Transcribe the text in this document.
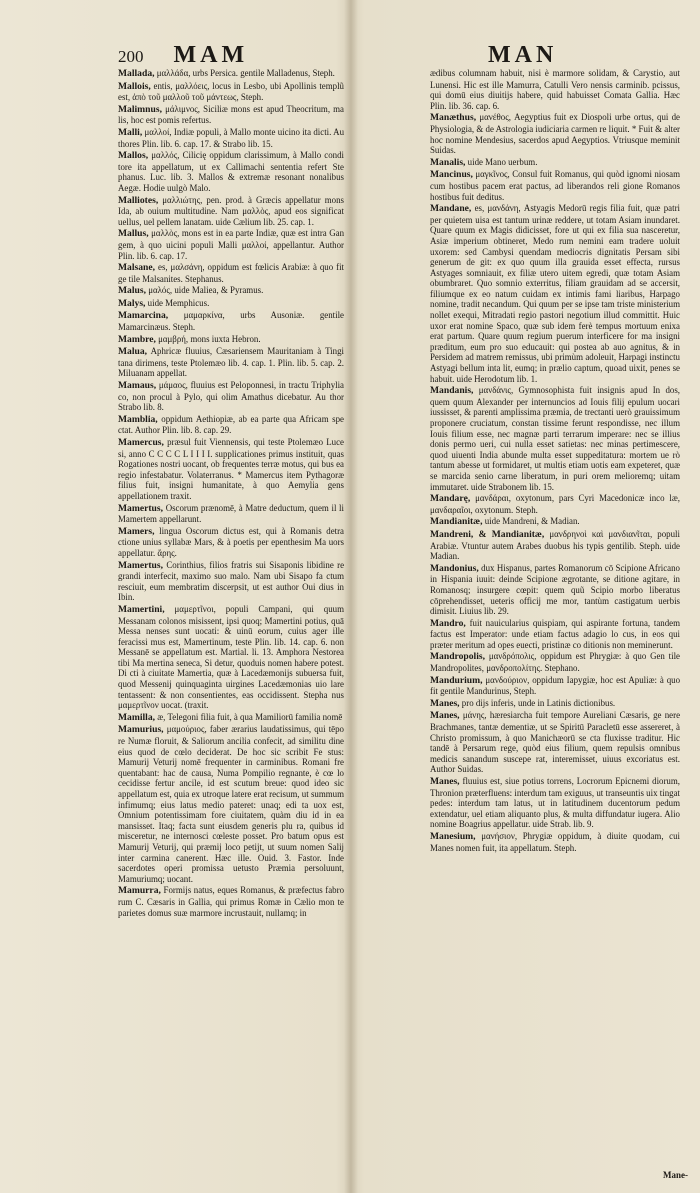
200 MAM	MAN

Mallada, μαλλάδα, urbs Persica. gentile Malladenus, Steph.

Mallois, entis, μαλλόεις, locus in Lesbo, ubi Apollinis templũ est, ἀπὸ τοῦ μαλλοῦ τοῦ μάντεως, Steph.

Malimnus, μάλιμνος, Siciliæ mons est apud Theocritum, ma lis, hoc est pomis refertus.

Malli, μαλλοί, Indiæ populi, à Mallo monte uicino ita dicti. Au thores Plin. lib. 6. cap. 17. & Strabo lib. 15.

Mallos, μαλλός, Cilicię oppidum clarissimum, à Mallo condi tore ita appellatum, ut ex Callimachi sententia refert Ste phanus. Luc. lib. 3. Mallos & extremæ resonant nonalibus Aegæ. Hodie uulgò Malo.

Malliotes, μαλλιώτης, pen. prod. à Græcis appellatur mons Ida, ab ouium multitudine. Nam μαλλὸς, apud eos significat uellus, uel pellem lanatam. uide Cælium lib. 25. cap. 1.

Mallus, μαλλὸς, mons est in ea parte Indiæ, quæ est intra Gan gem, à quo uicini populi Malli μαλλοί, appellantur. Author Plin. lib. 6. cap. 17.

Malsane, es, μαλσάνη, oppidum est fœlicis Arabiæ: à quo fit ge tile Malsanites. Stephanus.

Malus, μαλός, uide Maliea, & Pyramus.

Malys, uide Memphicus.

Mamarcina, μαμαρκίνα, urbs Ausoniæ. gentile Mamarcinæus. Steph.

Mambre, μαμβρή, mons iuxta Hebron.

Malua, Aphricæ fluuius, Cæsariensem Mauritaniam à Tingi tana dirimens, teste Ptolemæo lib. 4. cap. 1. Plin. lib. 5. cap. 2. Miluanam appellat.

Mamaus, μάμαος, fluuius est Peloponnesi, in tractu Triphylia co, non procul à Pylo, qui olim Amathus dicebatur. Au thor Strabo lib. 8.

Mamblia, oppidum Aethiopiæ, ab ea parte qua Africam spe ctat. Author Plin. lib. 8. cap. 29.

Mamercus, præsul fuit Viennensis, qui teste Ptolemæo Luce si, anno C C C C L I I I I. supplicationes primus instituit, quas Rogationes nostri uocant, ob frequentes terræ motus, qui bus ea regio infestabatur. Volaterranus. * Mamercus item Pythagoræ filius fuit, insigni humanitate, à quo Aemylia gens appellationem traxit.

Mamertus, Oscorum prænomē, à Matre deductum, quem il li Mamertem appellarunt.

Mamers, lingua Oscorum dictus est, qui à Romanis detra ctione unius syllabæ Mars, & à poetis per epenthesim Ma uors appellatur. ἄρης.

Mamertus, Corinthius, filios fratris sui Sisaponis libidine re grandi interfecit, maximo suo malo. Nam ubi Sisapo fa ctum resciuit, eum membratim discerpsit, ut est author Oui dius in Ibin.

Mamertini, μαμερτῖνοι, populi Campani, qui quum Messanam colonos misissent, ipsi quoq; Mamertini potius, quā Messa nenses sunt uocati: & uinū eorum, cuius ager ille feracissi mus est, Mamertinum, teste Plin. lib. 14. cap. 6. non Messanē se appellatum est. Martial. li. 13. Amphora Nestorea tibi Ma mertina seneca, Si detur, quoduis nomen habere potest. Di cti à ciuitate Mamertia, quæ à Lacedæmonijs subuersa fuit, quod Messenij quinquaginta uirgines Lacedæmonias uio lare tentassent: & non consentientes, eas occidissent. Stepha nus μαμερτῖνον uocat. (traxit.

Mamilla, æ, Telegoni filia fuit, à qua Mamiliorū familia nomē

Mamurius, μαμούριος, faber ærarius laudatissimus, qui tēpo re Numæ floruit, & Saliorum ancilia confecit, ad similitu dine eius quod de cœlo deciderat. De hoc sic scribit Fe stus: Mamurij Veturij nomē frequenter in carminibus. Romani fre quentabant: hac de causa, Numa Pompilio regnante, è cœ lo cecidisse fertur ancile, id est scutum breue: quod ideo sic appellatum est, quia ex utroque latere erat recisum, ut summum infimumq; eius latus medio pateret: unaq; edi ta uox est, Omnium potentissimam fore ciuitatem, quàm diu id in ea mansisset. Itaq; facta sunt eiusdem generis plu ra, quibus id misceretur, ne internosci cœleste posset. Pro batum opus est Mamurij Veturij, qui præmij loco petijt, ut suum nomen Salij inter carmina canerent. Hæc ille. Ouid. 3. Fastor. Inde sacerdotes operi promissa uetusto Præmia persoluunt, Mamuriumq; uocant.

Mamurra, Formijs natus, eques Romanus, & præfectus fabro rum C. Cæsaris in Gallia, qui primus Romæ in Cælio mon te parietes domus suæ marmore incrustauit, nullamq; in

ædibus columnam habuit, nisi è marmore solidam, & Carystio, aut Lunensi. Hic est ille Mamurra, Catulli Vero nensis carminib. pcissus, qui domū eius diuitijs habere, quid habuisset Comata Gallia. Hæc Plin. lib. 36. cap. 6.

Manæthus, μανέθος, Aegyptius fuit ex Diospoli urbe ortus, qui de Physiologia, & de Astrologia iudiciaria carmen re liquit. * Fuit & alter hoc nomine Mendesius, sacerdos apud Aegyptios. Vtriusque meminit Suidas.

Manalis, uide Mano uerbum.

Mancinus, μαγκῖνος, Consul fuit Romanus, qui quòd ignomi niosam cum hostibus pacem erat pactus, ad liberandos reli gione Romanos hostibus fuit deditus.

Mandane, es, μανδάνη, Astyagis Medorū regis filia fuit, quæ patri per quietem uisa est tantum urinæ reddere, ut totam Asiam inundaret. Quare quum ex Magis didicisset, fore ut qui ex filia sua nasceretur, Asiæ imperium obtineret, Medo rum nemini eam tradere uoluit uxorem: sed Cambysi quendam mediocris dignitatis Persam sibi generum de git: ex quo quum illa grauida esset effecta, rursus Astyages somniauit, ex filiæ utero uitem egredi, quæ totam Asiam obumbraret. Quo somnio exterritus, filiam grauidam ad se accersit, filiumque ex eo natum cuidam ex intimis fami liaribus, Harpago nomine, tradit necandum. Qui quum per se ipse tam triste ministerium nollet exequi, Mitradati regio pastori negotium illud committit. Huic uxor erat nomine Spaco, quæ sub idem ferè tempus mortuum enixa erat partum. Quare quum regium puerum interficere for ma insigni præditum, eum pro suo educauit: qui postea ab auo agnitus, & in Persidem ad matrem remissus, ubi primùm adoleuit, Harpagi instinctu Astyagi bellum inta lit, eumq; in prælio captum, quoad uixit, penes se habuit. uide Herodotum lib. 1.

Mandanis, μανδάνις, Gymnosophista fuit insignis apud In dos, quem quum Alexander per internuncios ad Iouis filij epulum uocari iussisset, & parenti amplissima præmia, de trectanti uerò grauissimum proponere cruciatum, constan tissime ferunt respondisse, nec illum Iouis filium esse, nec magnæ parti terrarum imperare: nec se illius donis permo ueri, cui nulla esset satietas: nec minas pertimescere, quod uiuenti India abunde multa esset suppeditatura: mortem ue rò tantum abesse ut formidaret, ut multis etiam uotis eam expeteret, quæ se marcida senio carne liberatum, in puri orem melioremq; uitam immutaret. uide Strabonem lib. 15.

Mandarę, μανδάραι, oxytonum, pars Cyri Macedonicæ inco læ, μανδαραῖοι, oxytonum. Steph.

Mandianitæ, uide Mandreni, & Madian.

Mandreni, & Mandianitæ, μανδρηνοὶ καὶ μανδιανῖται, populi Arabiæ. Vtuntur autem Arabes duobus his typis gentilib. Steph. uide Madian.

Mandonius, dux Hispanus, partes Romanorum cō Scipione Africano in Hispania iuuit: deinde Scipione ægrotante, se ditione agitare, in Romanosq; insurgere cœpit: quem quũ Scipio morbo liberatus cōprehendisset, ueteris officij me mor, tantùm castigatum uerbis dimisit. Liuius lib. 29.

Mandro, fuit nauicularius quispiam, qui aspirante fortuna, tandem factus est Imperator: unde etiam factus adagio lo cus, in eos qui præter meritum ad opes euecti, pristinæ co ditionis non meminerunt.

Mandropolis, μανδρόπολις, oppidum est Phrygiæ: à quo Gen tile Mandropolites, μανδροπολίτης. Stephano.

Mandurium, μανδούριον, oppidum Iapygiæ, hoc est Apuliæ: à quo fit gentile Mandurinus, Steph.

Manes, pro dijs inferis, unde in Latinis dictionibus.

Manes, μάνης, hæresiarcha fuit tempore Aureliani Cæsaris, ge nere Brachmanes, tantæ dementiæ, ut se Spiritū Paracletū esse assereret, à Christo promissum, à quo Manichæorū se cta fluxisse traditur. Hic tandē à Persarum rege, quòd eius filium, quem repulsis omnibus medicis sanandum suscepe rat, interemisset, uiuus excoriatus est. Author Suidas.

Manes, fluuius est, siue potius torrens, Locrorum Epicnemi diorum, Thronion præterfluens: interdum tam exiguus, ut transeuntis uix tingat pedes: interdum tam latus, ut in latitudinem ducentorum pedum extendatur, uel etiam aliquanto plus, & multa diffundatur iugera. Alio nomine Boagrius appellatur. uide Strab. lib. 9.

Manesium, μανήσιον, Phrygiæ oppidum, à diuite quodam, cui Manes nomen fuit, ita appellatum. Steph.

Mane-
